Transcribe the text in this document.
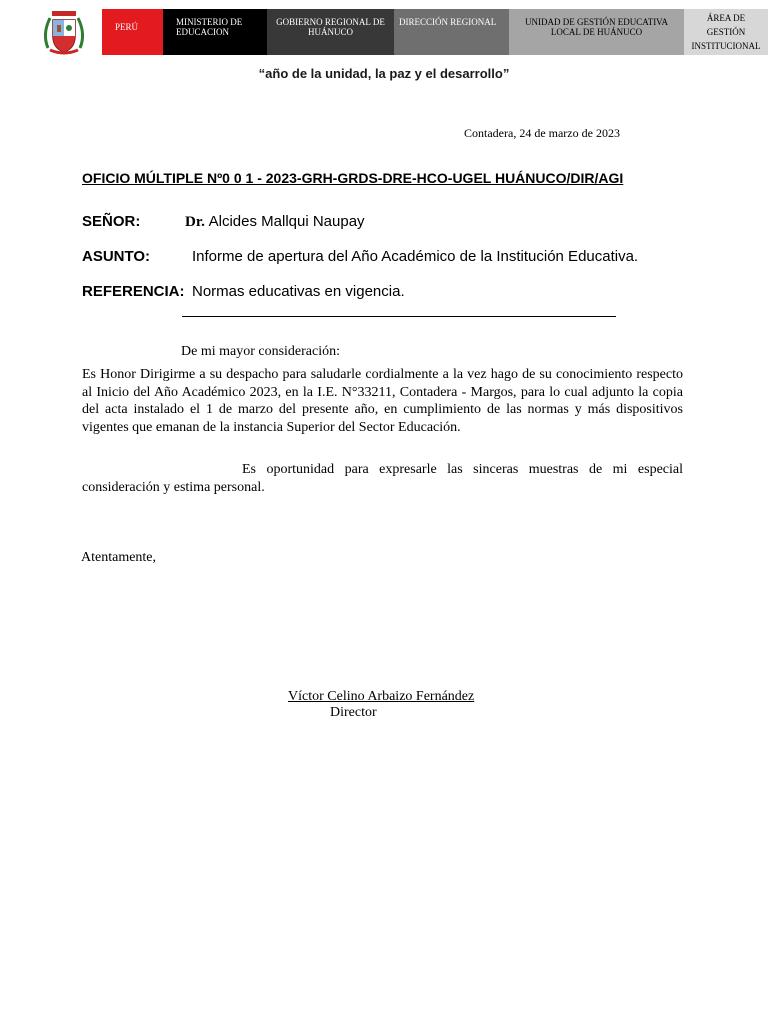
PERÚ	MINISTERIO DE
EDUCACION
GOBIERNO REGIONAL DE
HUÁNUCO
DIRECCIÓN REGIONAL	UNIDAD DE GESTIÓN EDUCATIVA
LOCAL DE HUÁNUCO
ÁREA DE
GESTIÓN
INSTITUCIONAL
“año de la unidad, la paz y el desarrollo”
Contadera, 24 de marzo de 2023
OFICIO MÚLTIPLE Nº0 0 1 - 2023-GRH-GRDS-DRE-HCO-UGEL HUÁNUCO/DIR/AGI
SEÑOR:	Dr. Alcides Mallqui Naupay
ASUNTO:	Informe de apertura del Año Académico de la Institución Educativa.
REFERENCIA: Normas educativas en vigencia.
De mi mayor consideración:
Es Honor Dirigirme a su despacho para saludarle cordialmente a la vez hago de su conocimiento respecto al Inicio del Año Académico 2023, en la I.E. N°33211, Contadera - Margos, para lo cual adjunto la copia del acta instalado el 1 de marzo del presente año, en cumplimiento de las normas y más dispositivos vigentes que emanan de la instancia Superior del Sector Educación.
Es oportunidad para expresarle las sinceras muestras de mi especial consideración y estima personal.
Atentamente,
Víctor Celino Arbaizo Fernández
Director
